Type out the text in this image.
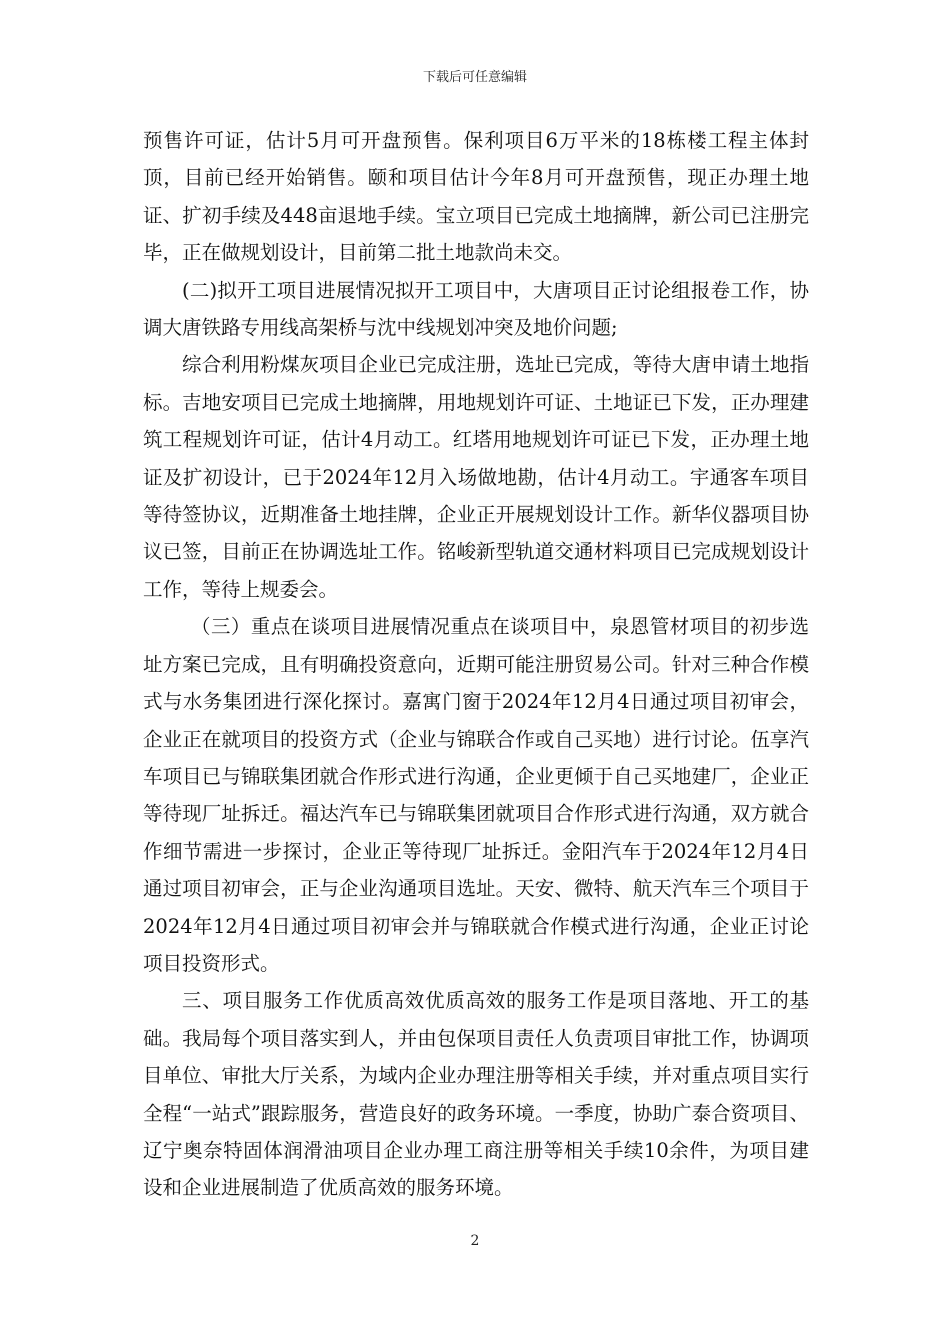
下载后可任意编辑

预售许可证，估计5月可开盘预售。保利项目6万平米的18栋楼工程主体封顶，目前已经开始销售。颐和项目估计今年8月可开盘预售，现正办理土地证、扩初手续及448亩退地手续。宝立项目已完成土地摘牌，新公司已注册完毕，正在做规划设计，目前第二批土地款尚未交。

(二)拟开工项目进展情况拟开工项目中，大唐项目正讨论组报卷工作，协调大唐铁路专用线高架桥与沈中线规划冲突及地价问题;

综合利用粉煤灰项目企业已完成注册，选址已完成，等待大唐申请土地指标。吉地安项目已完成土地摘牌，用地规划许可证、土地证已下发，正办理建筑工程规划许可证，估计4月动工。红塔用地规划许可证已下发，正办理土地证及扩初设计，已于2024年12月入场做地勘，估计4月动工。宇通客车项目等待签协议，近期准备土地挂牌，企业正开展规划设计工作。新华仪器项目协议已签，目前正在协调选址工作。铭峻新型轨道交通材料项目已完成规划设计工作，等待上规委会。

（三）重点在谈项目进展情况重点在谈项目中，泉恩管材项目的初步选址方案已完成，且有明确投资意向，近期可能注册贸易公司。针对三种合作模式与水务集团进行深化探讨。嘉寓门窗于2024年12月4日通过项目初审会，企业正在就项目的投资方式（企业与锦联合作或自己买地）进行讨论。伍享汽车项目已与锦联集团就合作形式进行沟通，企业更倾于自己买地建厂，企业正等待现厂址拆迁。福达汽车已与锦联集团就项目合作形式进行沟通，双方就合作细节需进一步探讨，企业正等待现厂址拆迁。金阳汽车于2024年12月4日通过项目初审会，正与企业沟通项目选址。天安、微特、航天汽车三个项目于2024年12月4日通过项目初审会并与锦联就合作模式进行沟通，企业正讨论项目投资形式。

三、项目服务工作优质高效优质高效的服务工作是项目落地、开工的基础。我局每个项目落实到人，并由包保项目责任人负责项目审批工作，协调项目单位、审批大厅关系，为域内企业办理注册等相关手续，并对重点项目实行全程“一站式”跟踪服务，营造良好的政务环境。一季度，协助广泰合资项目、辽宁奥奈特固体润滑油项目企业办理工商注册等相关手续10余件，为项目建设和企业进展制造了优质高效的服务环境。

2
